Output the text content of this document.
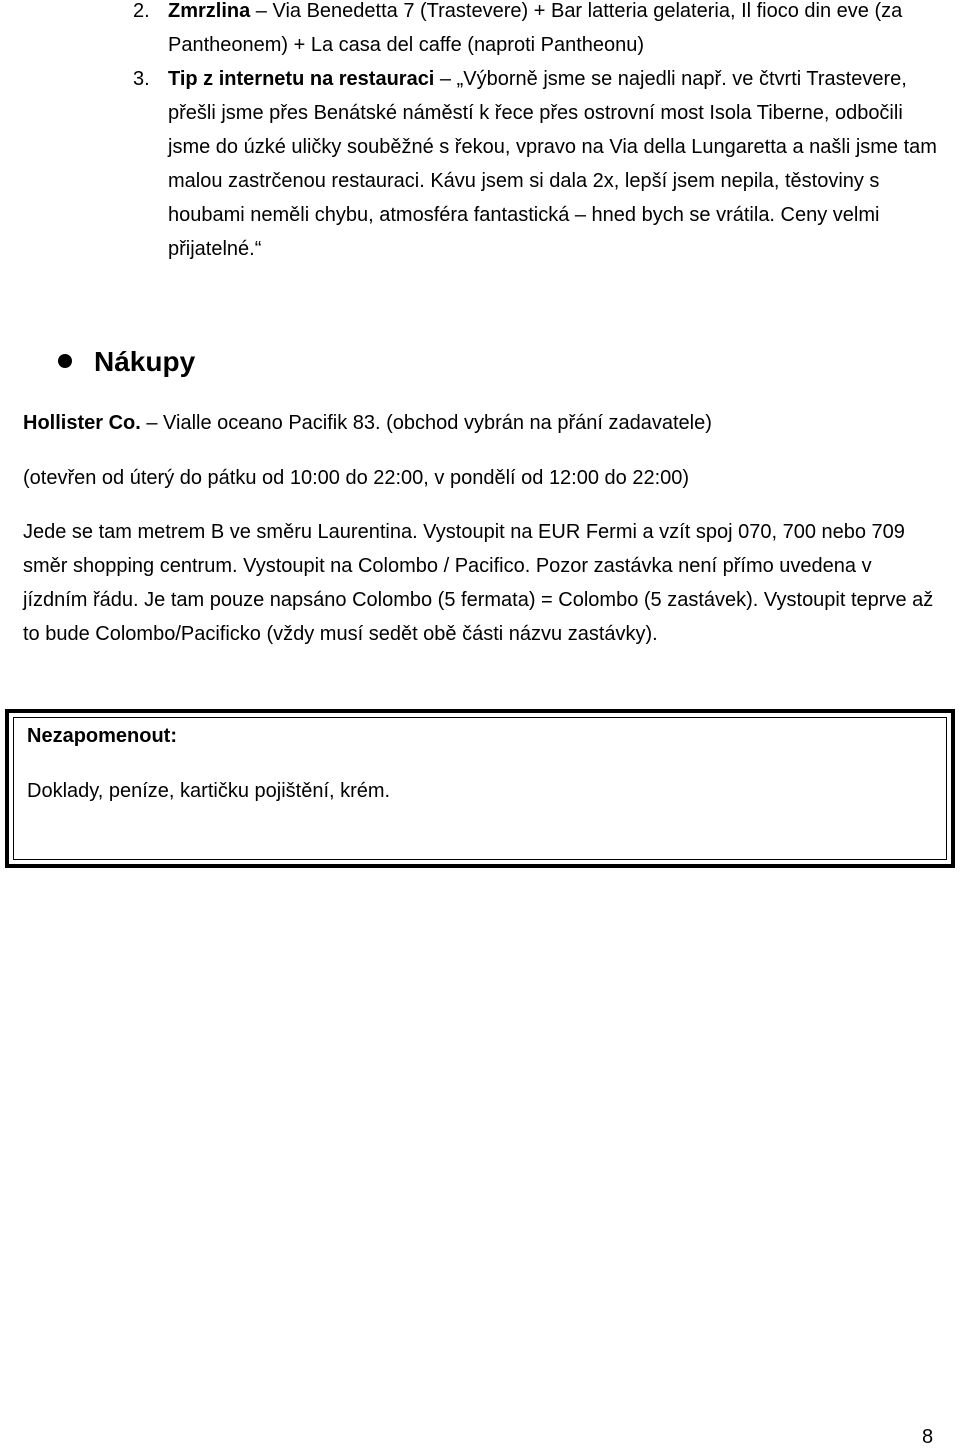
2. Zmrzlina – Via Benedetta 7 (Trastevere) + Bar latteria gelateria, Il fioco din eve (za Pantheonem) + La casa del caffe (naproti Pantheonu)
3. Tip z internetu na restauraci – „Výborně jsme se najedli např. ve čtvrti Trastevere, přešli jsme přes Benátské náměstí k řece přes ostrovní most Isola Tiberne, odbočili jsme do úzké uličky souběžné s řekou, vpravo na Via della Lungaretta a našli jsme tam malou zastrčenou restauraci. Kávu jsem si dala 2x, lepší jsem nepila, těstoviny s houbami neměli chybu, atmosféra fantastická – hned bych se vrátila. Ceny velmi přijatelné.“
Nákupy
Hollister Co. – Vialle oceano Pacifik 83. (obchod vybrán na přání zadavatele)
(otevřen od úterý do pátku od 10:00 do 22:00, v pondělí od 12:00 do 22:00)
Jede se tam metrem B ve směru Laurentina. Vystoupit na EUR Fermi a vzít spoj 070, 700 nebo 709 směr shopping centrum. Vystoupit na Colombo / Pacifico. Pozor zastávka není přímo uvedena v jízdním řádu. Je tam pouze napsáno Colombo (5 fermata) = Colombo (5 zastávek). Vystoupit teprve až to bude Colombo/Pacificko (vždy musí sedět obě části názvu zastávky).
Nezapomenout:
Doklady, peníze, kartičku pojištění, krém.
8
